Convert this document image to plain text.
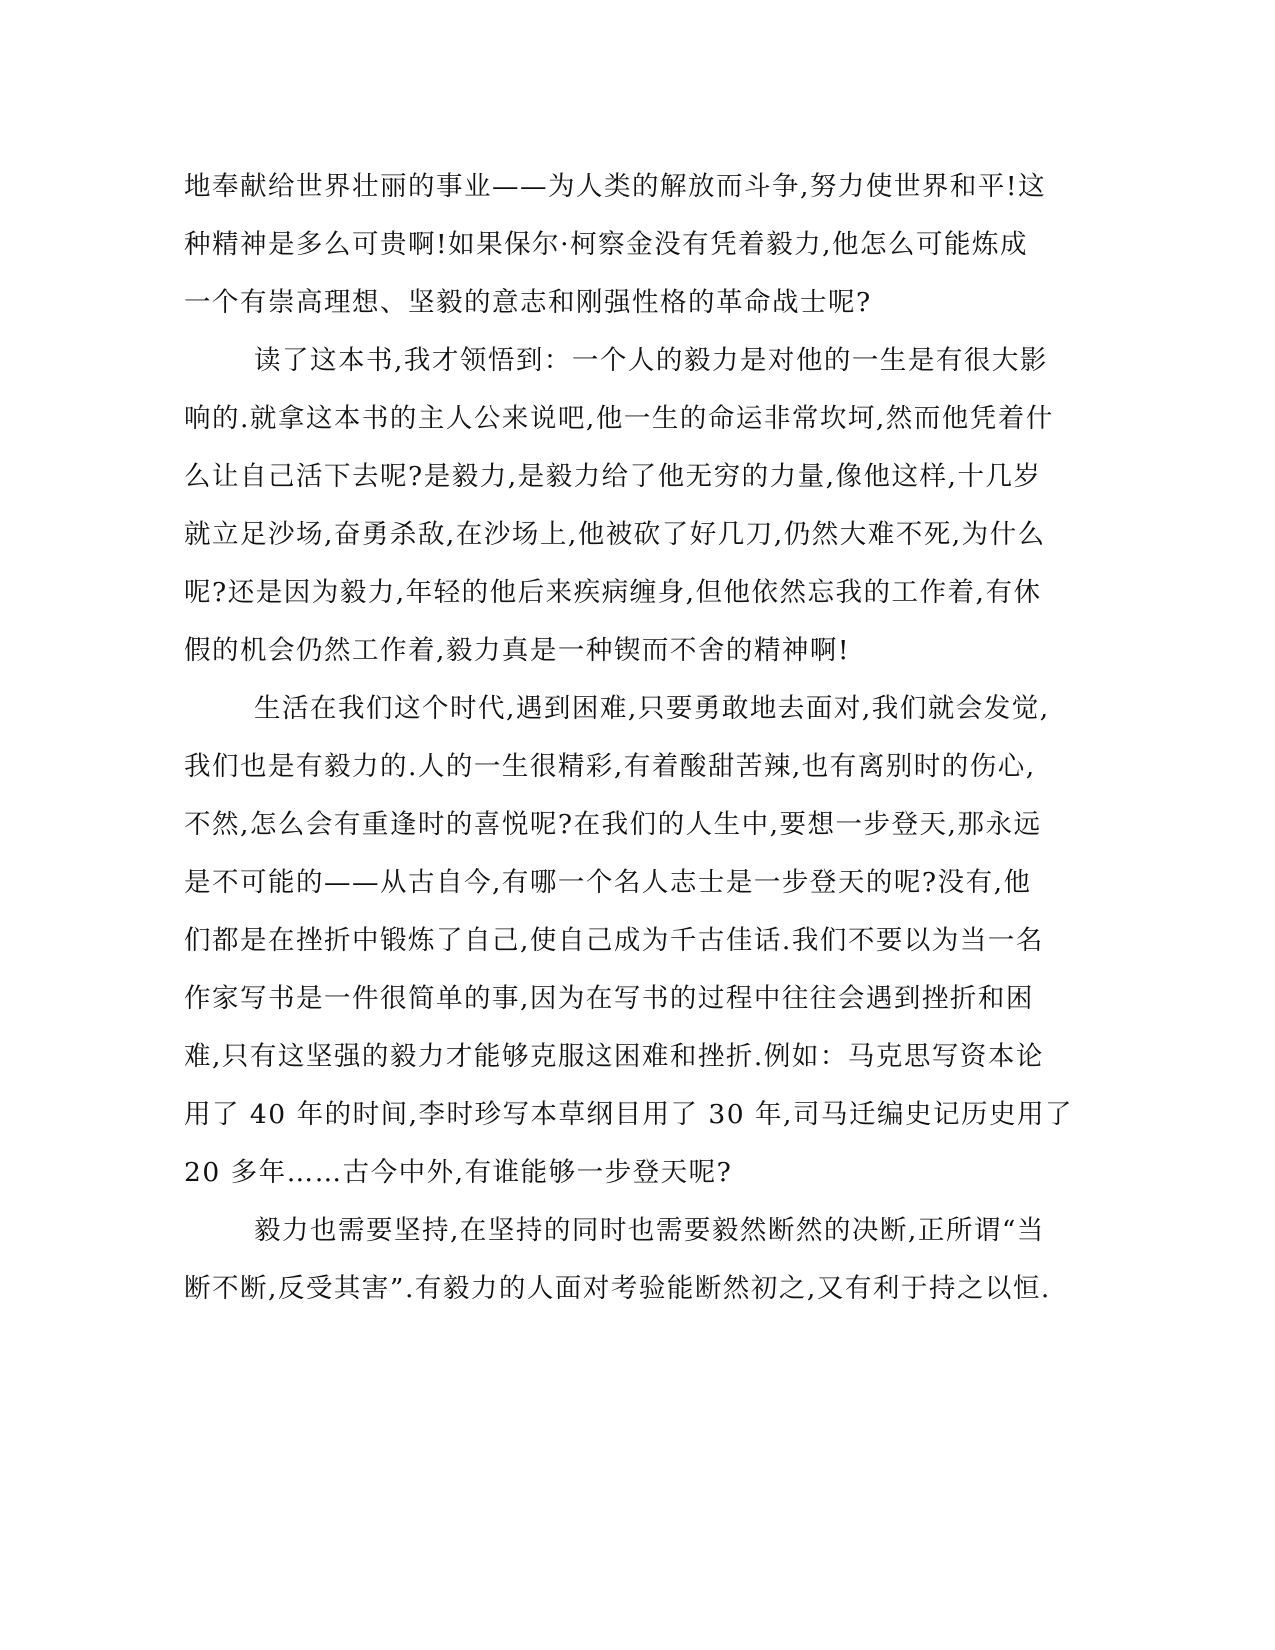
地奉献给世界壮丽的事业——为人类的解放而斗争,努力使世界和平!这
种精神是多么可贵啊!如果保尔·柯察金没有凭着毅力,他怎么可能炼成
一个有崇高理想、坚毅的意志和刚强性格的革命战士呢?
读了这本书,我才领悟到：一个人的毅力是对他的一生是有很大影
响的.就拿这本书的主人公来说吧,他一生的命运非常坎坷,然而他凭着什
么让自己活下去呢?是毅力,是毅力给了他无穷的力量,像他这样,十几岁
就立足沙场,奋勇杀敌,在沙场上,他被砍了好几刀,仍然大难不死,为什么
呢?还是因为毅力,年轻的他后来疾病缠身,但他依然忘我的工作着,有休
假的机会仍然工作着,毅力真是一种锲而不舍的精神啊!
生活在我们这个时代,遇到困难,只要勇敢地去面对,我们就会发觉,
我们也是有毅力的.人的一生很精彩,有着酸甜苦辣,也有离别时的伤心,
不然,怎么会有重逢时的喜悦呢?在我们的人生中,要想一步登天,那永远
是不可能的——从古自今,有哪一个名人志士是一步登天的呢?没有,他
们都是在挫折中锻炼了自己,使自己成为千古佳话.我们不要以为当一名
作家写书是一件很简单的事,因为在写书的过程中往往会遇到挫折和困
难,只有这坚强的毅力才能够克服这困难和挫折.例如：马克思写资本论
用了 40 年的时间,李时珍写本草纲目用了 30 年,司马迁编史记历史用了
20 多年……古今中外,有谁能够一步登天呢?
毅力也需要坚持,在坚持的同时也需要毅然断然的决断,正所谓“当
断不断,反受其害”.有毅力的人面对考验能断然初之,又有利于持之以恒.
